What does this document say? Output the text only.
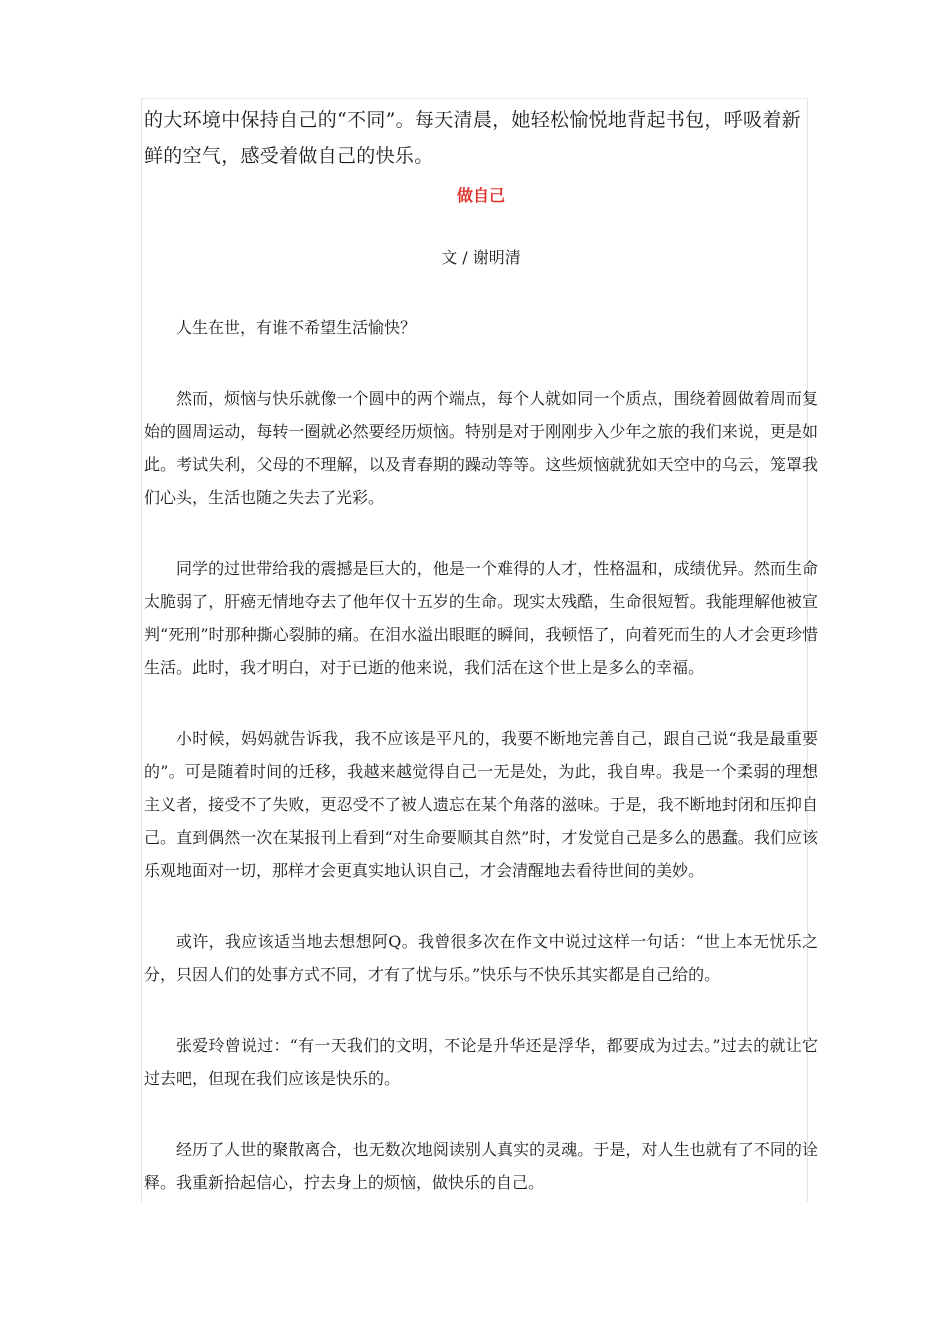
的大环境中保持自己的“不同”。每天清晨，她轻松愉悦地背起书包，呼吸着新鲜的空气，感受着做自己的快乐。

做自己
文 / 谢明清

人生在世，有谁不希望生活愉快？

然而，烦恼与快乐就像一个圆中的两个端点，每个人就如同一个质点，围绕着圆做着周而复始的圆周运动，每转一圈就必然要经历烦恼。特别是对于刚刚步入少年之旅的我们来说，更是如此。考试失利，父母的不理解，以及青春期的躁动等等。这些烦恼就犹如天空中的乌云，笼罩我们心头，生活也随之失去了光彩。

同学的过世带给我的震撼是巨大的，他是一个难得的人才，性格温和，成绩优异。然而生命太脆弱了，肝癌无情地夺去了他年仅十五岁的生命。现实太残酷，生命很短暂。我能理解他被宣判“死刑”时那种撕心裂肺的痛。在泪水溢出眼眶的瞬间，我顿悟了，向着死而生的人才会更珍惜生活。此时，我才明白，对于已逝的他来说，我们活在这个世上是多么的幸福。

小时候，妈妈就告诉我，我不应该是平凡的，我要不断地完善自己，跟自己说“我是最重要的”。可是随着时间的迁移，我越来越觉得自己一无是处，为此，我自卑。我是一个柔弱的理想主义者，接受不了失败，更忍受不了被人遗忘在某个角落的滋味。于是，我不断地封闭和压抑自己。直到偶然一次在某报刊上看到“对生命要顺其自然”时，才发觉自己是多么的愚蠢。我们应该乐观地面对一切，那样才会更真实地认识自己，才会清醒地去看待世间的美妙。

或许，我应该适当地去想想阿Q。我曾很多次在作文中说过这样一句话：“世上本无忧乐之分，只因人们的处事方式不同，才有了忧与乐。”快乐与不快乐其实都是自己给的。

张爱玲曾说过：“有一天我们的文明，不论是升华还是浮华，都要成为过去。”过去的就让它过去吧，但现在我们应该是快乐的。

经历了人世的聚散离合，也无数次地阅读别人真实的灵魂。于是，对人生也就有了不同的诠释。我重新拾起信心，拧去身上的烦恼，做快乐的自己。
